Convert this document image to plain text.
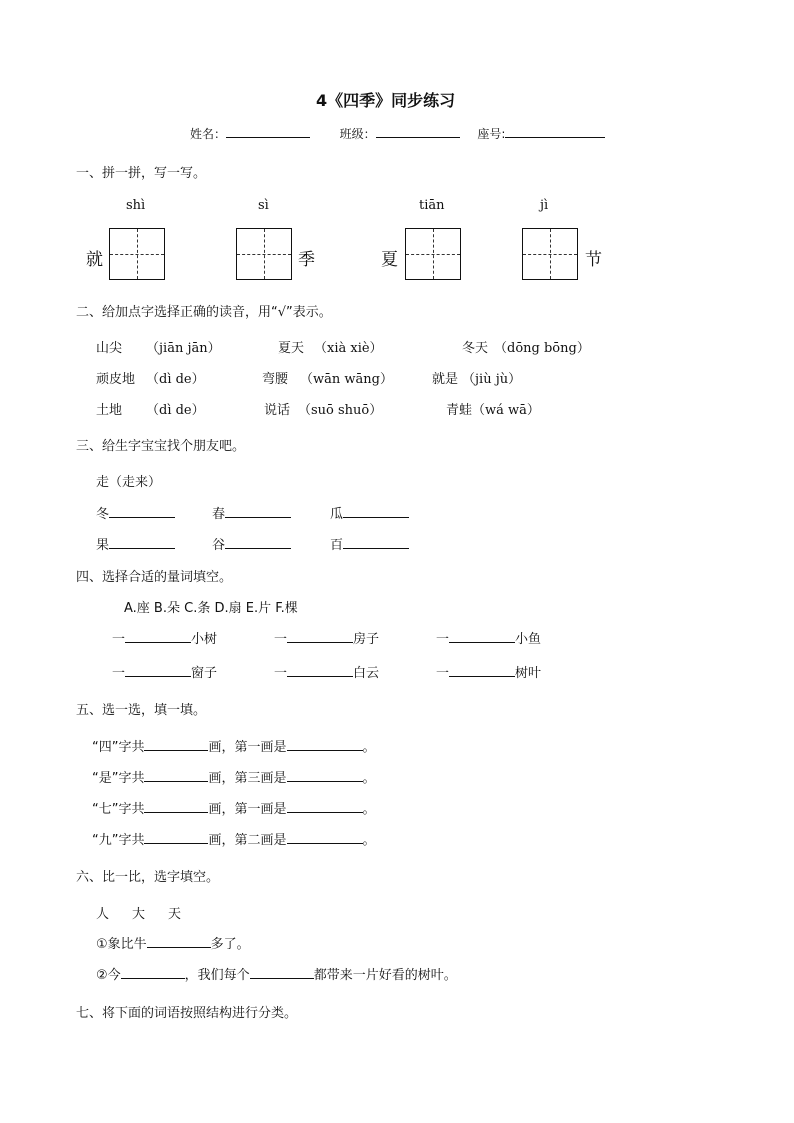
4《四季》同步练习
姓名：	班级：	座号:
一、拼一拼，写一写。
shì	sì	tiān	jì
就	季	夏	节
二、给加点字选择正确的读音，用“√”表示。
山尖 （jiān jān）	夏天 （xià xiè）	冬天 （dōng bōng）
顽皮地 （dì de）	弯腰 （wān wāng）	就是 （jiù jù）
土地 （dì de）	说话 （suō shuō）	青蛙 （wá wā）
三、给生字宝宝找个朋友吧。
走（走来）
冬	春	瓜
果	谷	百
四、选择合适的量词填空。
A.座 B.朵 C.条 D.扇 E.片 F.棵
一	小树	一	房子	一	小鱼
一	窗子	一	白云	一	树叶
五、选一选，填一填。
“四”字共	画，第一画是	。
“是”字共	画，第三画是	。
“七”字共	画，第一画是	。
“九”字共	画，第二画是	。
六、比一比，选字填空。
人 大 天
①象比牛	多了。
②今	，我们每个	都带来一片好看的树叶。
七、将下面的词语按照结构进行分类。
